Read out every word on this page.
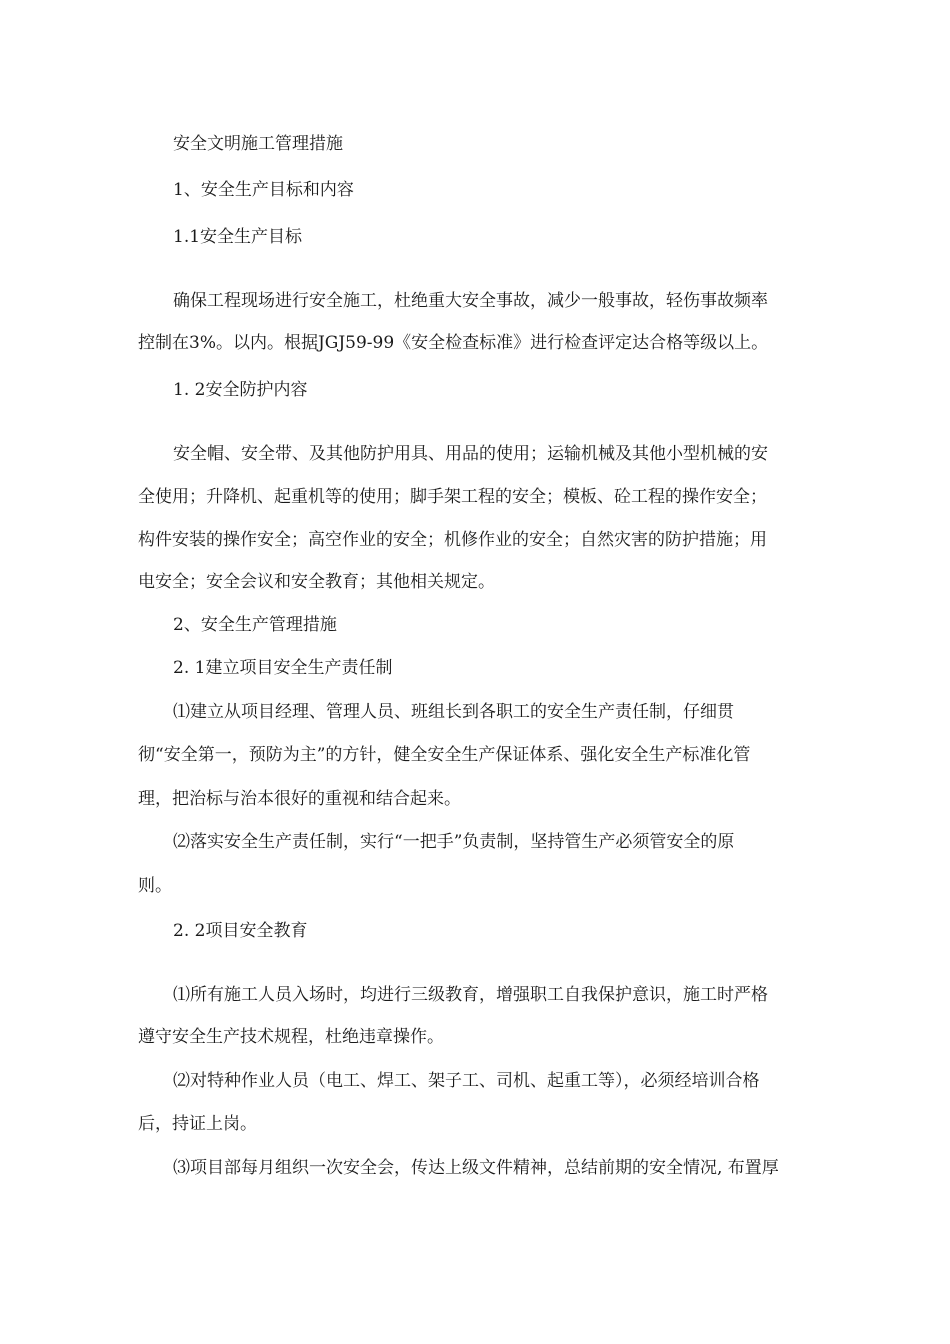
安全文明施工管理措施

1、安全生产目标和内容

1.1安全生产目标

确保工程现场进行安全施工，杜绝重大安全事故，减少一般事故，轻伤事故频率

控制在3%。以内。根据JGJ59-99《安全检查标准》进行检查评定达合格等级以上。

1. 2安全防护内容

安全帽、安全带、及其他防护用具、用品的使用；运输机械及其他小型机械的安

全使用；升降机、起重机等的使用；脚手架工程的安全；模板、砼工程的操作安全；

构件安装的操作安全；高空作业的安全；机修作业的安全；自然灾害的防护措施；用

电安全；安全会议和安全教育；其他相关规定。

2、安全生产管理措施

2. 1建立项目安全生产责任制

⑴建立从项目经理、管理人员、班组长到各职工的安全生产责任制，仔细贯

彻“安全第一，预防为主”的方针，健全安全生产保证体系、强化安全生产标准化管

理，把治标与治本很好的重视和结合起来。

⑵落实安全生产责任制，实行“一把手”负责制，坚持管生产必须管安全的原

则。

2. 2项目安全教育

⑴所有施工人员入场时，均进行三级教育，增强职工自我保护意识，施工时严格

遵守安全生产技术规程，杜绝违章操作。

⑵对特种作业人员（电工、焊工、架子工、司机、起重工等），必须经培训合格

后，持证上岗。

⑶项目部每月组织一次安全会，传达上级文件精神，总结前期的安全情况, 布置厚
